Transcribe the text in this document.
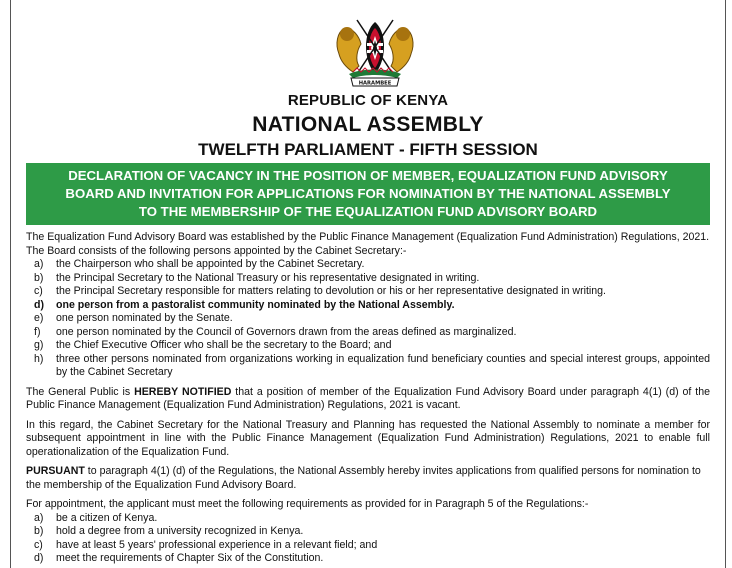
HARAMBEE
REPUBLIC OF KENYA
NATIONAL ASSEMBLY
TWELFTH PARLIAMENT - FIFTH SESSION
DECLARATION OF VACANCY IN THE POSITION OF MEMBER, EQUALIZATION FUND ADVISORY
BOARD AND INVITATION FOR APPLICATIONS FOR NOMINATION BY THE NATIONAL ASSEMBLY
TO THE MEMBERSHIP OF THE EQUALIZATION FUND ADVISORY BOARD

The Equalization Fund Advisory Board was established by the Public Finance Management (Equalization Fund Administration) Regulations, 2021.

The Board consists of the following persons appointed by the Cabinet Secretary:-

a)	the Chairperson who shall be appointed by the Cabinet Secretary.
b)	the Principal Secretary to the National Treasury or his representative designated in writing.
c)	the Principal Secretary responsible for matters relating to devolution or his or her representative designated in writing.
d)	one person from a pastoralist community nominated by the National Assembly.
e)	one person nominated by the Senate.
f)	one person nominated by the Council of Governors drawn from the areas defined as marginalized.
g)	the Chief Executive Officer who shall be the secretary to the Board; and
h)	three other persons nominated from organizations working in equalization fund beneficiary counties and special interest groups, appointed by the Cabinet Secretary

The General Public is HEREBY NOTIFIED that a position of member of the Equalization Fund Advisory Board under paragraph 4(1) (d) of the Public Finance Management (Equalization Fund Administration) Regulations, 2021 is vacant.

In this regard, the Cabinet Secretary for the National Treasury and Planning has requested the National Assembly to nominate a member for subsequent appointment in line with the Public Finance Management (Equalization Fund Administration) Regulations, 2021 to enable full operationalization of the Equalization Fund.

PURSUANT to paragraph 4(1) (d) of the Regulations, the National Assembly hereby invites applications from qualified persons for nomination to the membership of the Equalization Fund Advisory Board.

For appointment, the applicant must meet the following requirements as provided for in Paragraph 5 of the Regulations:-

a)	be a citizen of Kenya.
b)	hold a degree from a university recognized in Kenya.
c)	have at least 5 years' professional experience in a relevant field; and
d)	meet the requirements of Chapter Six of the Constitution.
